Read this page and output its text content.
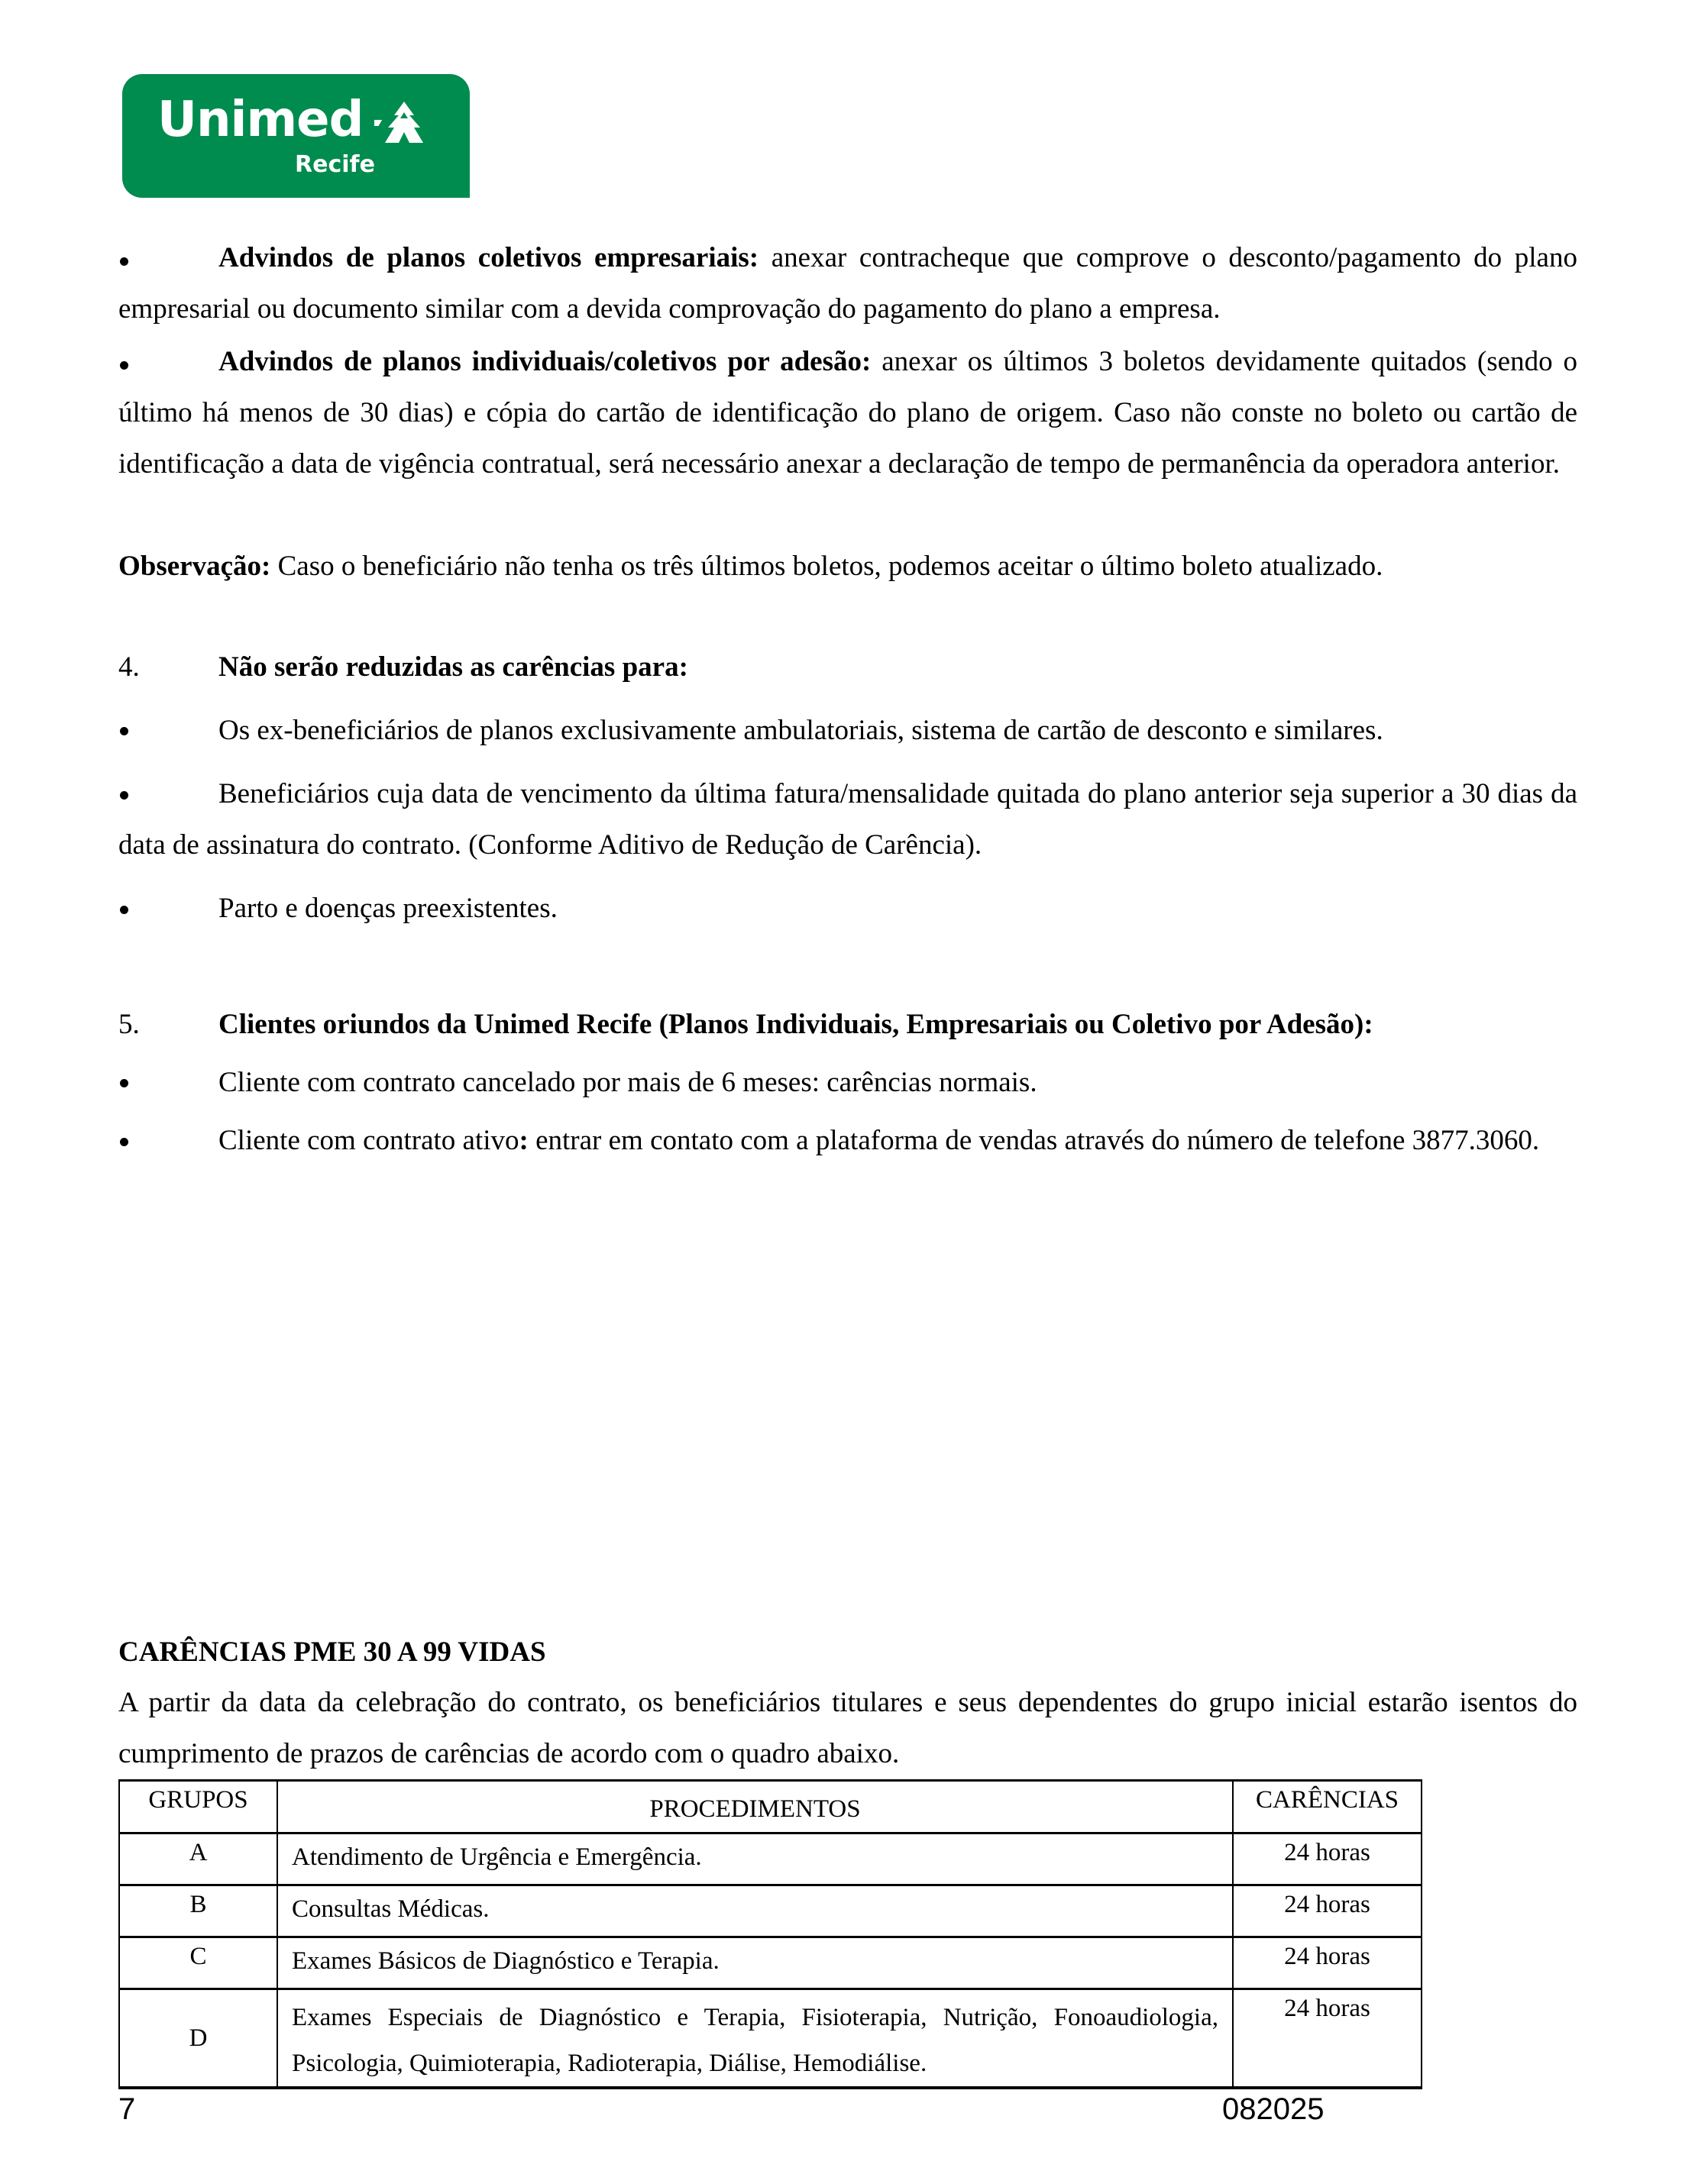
Unimed
Recife
Advindos de planos coletivos empresariais: anexar contracheque que comprove o desconto/pagamento do plano empresarial ou documento similar com a devida comprovação do pagamento do plano a empresa.
Advindos de planos individuais/coletivos por adesão: anexar os últimos 3 boletos devidamente quitados (sendo o último há menos de 30 dias) e cópia do cartão de identificação do plano de origem. Caso não conste no boleto ou cartão de identificação a data de vigência contratual, será necessário anexar a declaração de tempo de permanência da operadora anterior.
Observação: Caso o beneficiário não tenha os três últimos boletos, podemos aceitar o último boleto atualizado.
4.	Não serão reduzidas as carências para:
Os ex-beneficiários de planos exclusivamente ambulatoriais, sistema de cartão de desconto e similares.
Beneficiários cuja data de vencimento da última fatura/mensalidade quitada do plano anterior seja superior a 30 dias da data de assinatura do contrato. (Conforme Aditivo de Redução de Carência).
Parto e doenças preexistentes.
5.	Clientes oriundos da Unimed Recife (Planos Individuais, Empresariais ou Coletivo por Adesão):
Cliente com contrato cancelado por mais de 6 meses: carências normais.
Cliente com contrato ativo: entrar em contato com a plataforma de vendas através do número de telefone 3877.3060.
CARÊNCIAS PME 30 A 99 VIDAS
A partir da data da celebração do contrato, os beneficiários titulares e seus dependentes do grupo inicial estarão isentos do cumprimento de prazos de carências de acordo com o quadro abaixo.
GRUPOS	PROCEDIMENTOS	CARÊNCIAS
A	Atendimento de Urgência e Emergência.	24 horas
B	Consultas Médicas.	24 horas
C	Exames Básicos de Diagnóstico e Terapia.	24 horas
D	Exames Especiais de Diagnóstico e Terapia, Fisioterapia, Nutrição, Fonoaudiologia, Psicologia, Quimioterapia, Radioterapia, Diálise, Hemodiálise.	24 horas
7	082025
